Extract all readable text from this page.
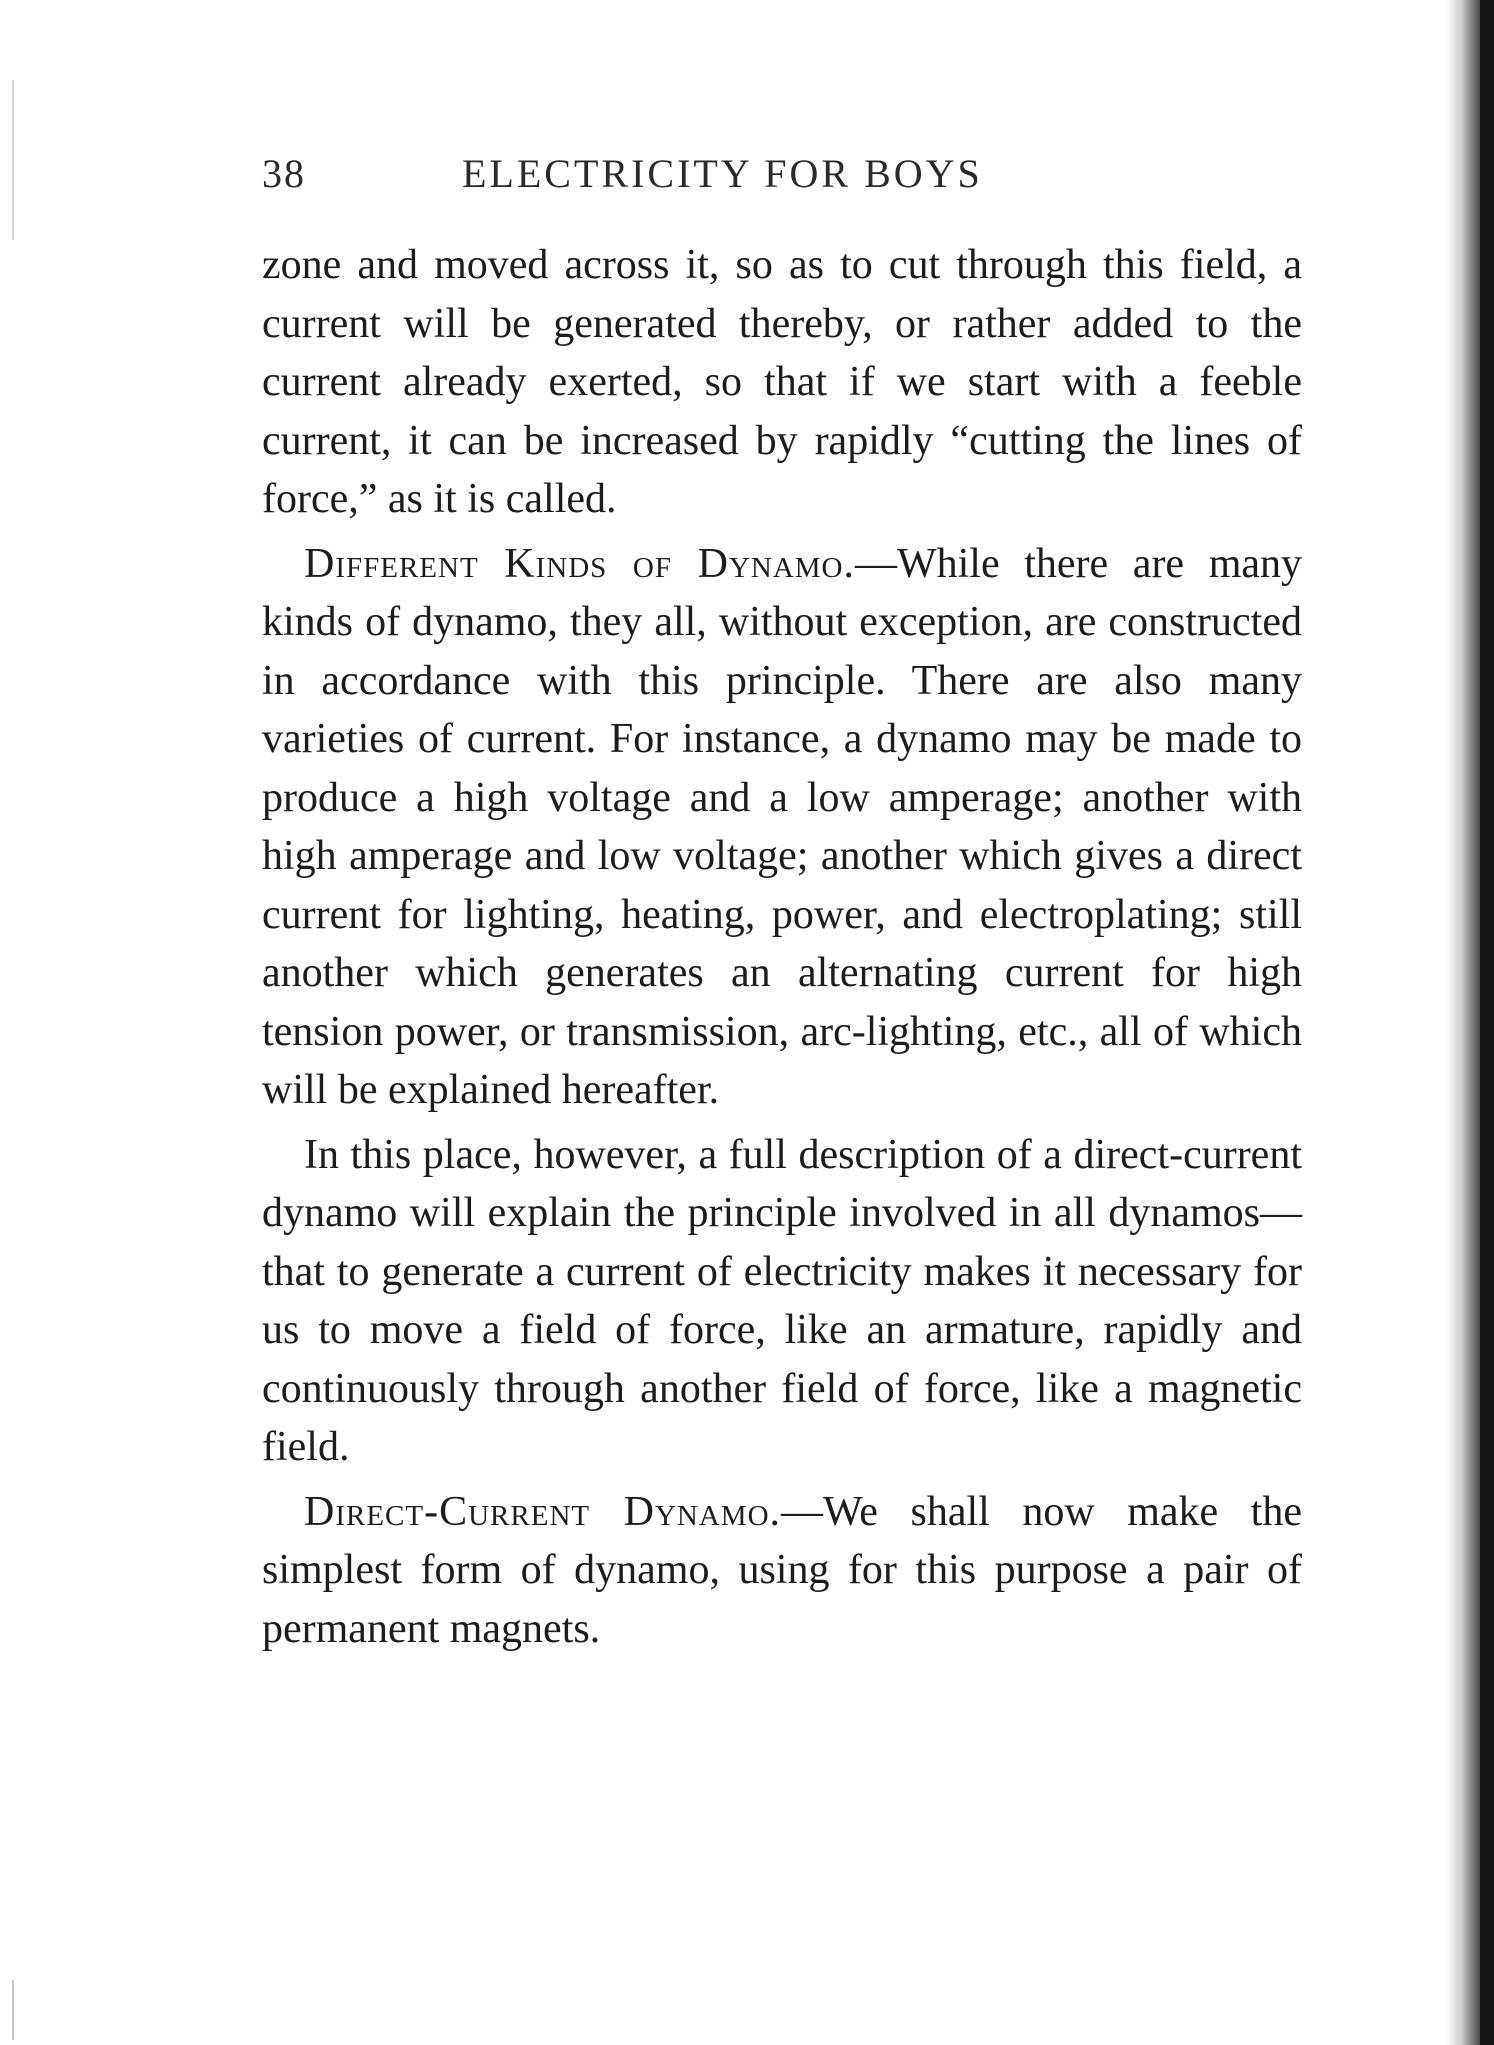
38	ELECTRICITY FOR BOYS

zone and moved across it, so as to cut through this field, a current will be generated thereby, or rather added to the current already exerted, so that if we start with a feeble current, it can be increased by rapidly “cutting the lines of force,” as it is called.

Different Kinds of Dynamo.—While there are many kinds of dynamo, they all, without exception, are constructed in accordance with this principle. There are also many varieties of current. For instance, a dynamo may be made to produce a high voltage and a low amperage; another with high amperage and low voltage; another which gives a direct current for lighting, heating, power, and electroplating; still another which generates an alternating current for high tension power, or transmission, arc-lighting, etc., all of which will be explained hereafter.

In this place, however, a full description of a direct-current dynamo will explain the principle involved in all dynamos—that to generate a current of electricity makes it necessary for us to move a field of force, like an armature, rapidly and continuously through another field of force, like a magnetic field.

Direct-Current Dynamo.—We shall now make the simplest form of dynamo, using for this purpose a pair of permanent magnets.
